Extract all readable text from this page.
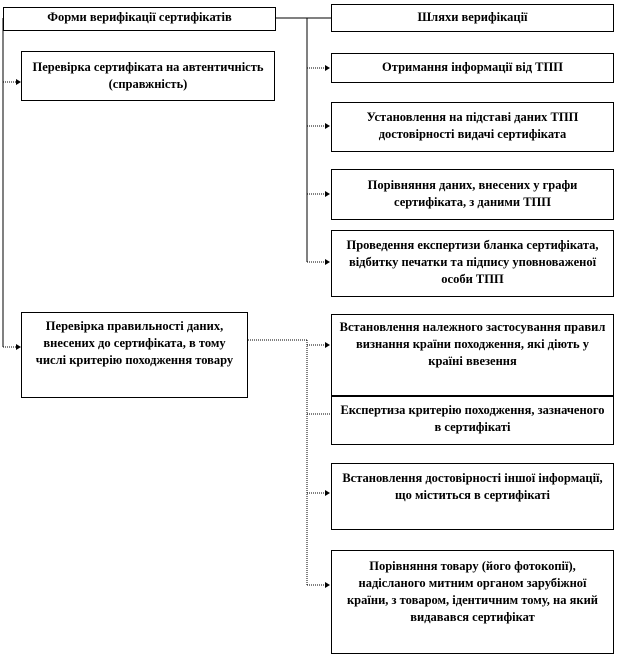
Форми верифікації сертифікатів
Перевірка сертифіката на автентичність (справжність)
Перевірка правильності даних, внесених до сертифіката, в тому числі критерію походження товару
Шляхи верифікації
Отримання інформації від ТПП
Установлення на підставі даних ТПП достовірності видачі сертифіката
Порівняння даних, внесених у графи сертифіката, з даними ТПП
Проведення експертизи бланка сертифіката, відбитку печатки та підпису уповноваженої особи ТПП
Встановлення належного застосування правил визнання країни походження, які діють у країні ввезення
Експертиза критерію походження, зазначеного в сертифікаті
Встановлення достовірності іншої інформації, що міститься в сертифікаті
Порівняння товару (його фотокопії), надісланого митним органом зарубіжної країни, з товаром, ідентичним тому, на який видавався сертифікат
